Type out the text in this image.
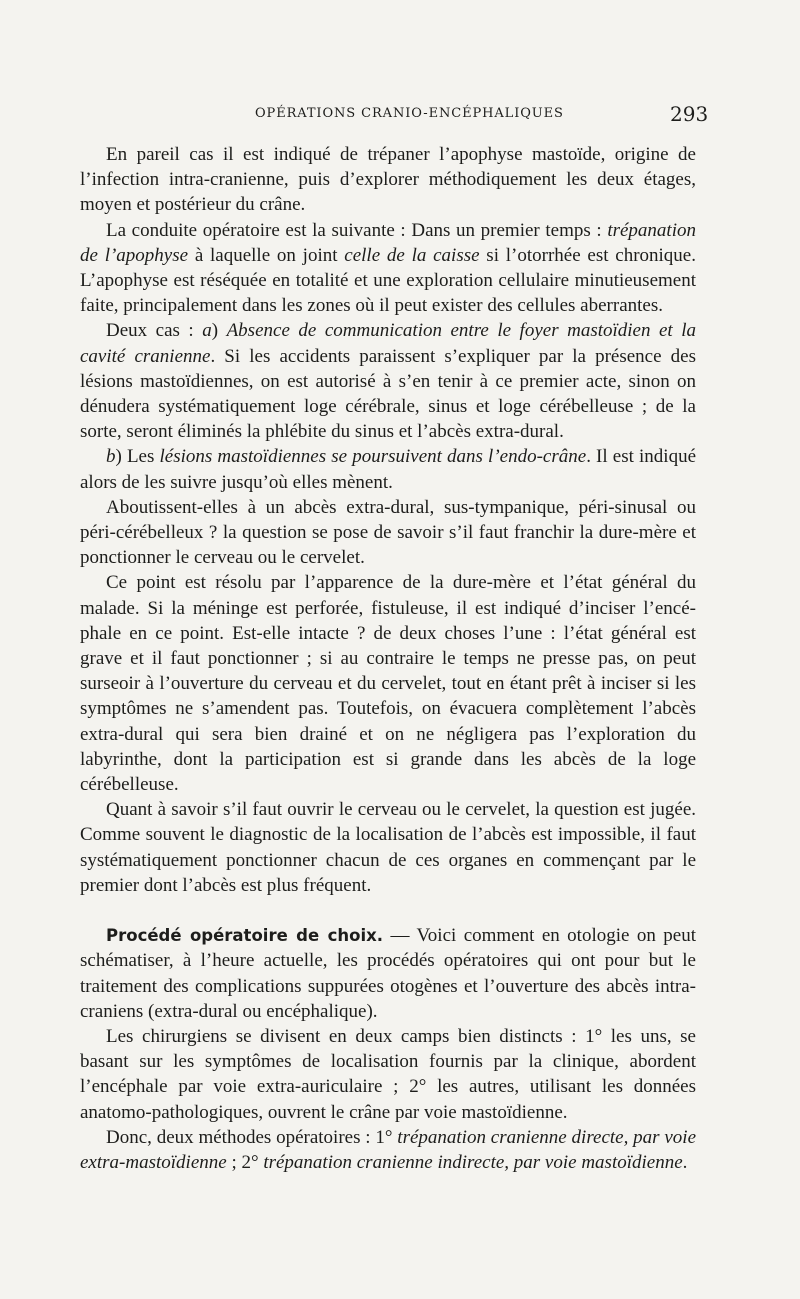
OPÉRATIONS CRANIO-ENCÉPHALIQUES	293

En pareil cas il est indiqué de trépaner l’apophyse mastoïde, origine de l’infection intra-cranienne, puis d’explorer méthodiquement les deux étages, moyen et postérieur du crâne.

La conduite opératoire est la suivante : Dans un premier temps : trépanation de l’apophyse à laquelle on joint celle de la caisse si l’otorrhée est chronique. L’apophyse est réséquée en totalité et une exploration cellulaire minutieusement faite, principalement dans les zones où il peut exister des cellules aberrantes.

Deux cas : a) Absence de communication entre le foyer mastoïdien et la cavité cranienne. Si les accidents paraissent s’expliquer par la présence des lésions mastoïdiennes, on est autorisé à s’en tenir à ce premier acte, sinon on dénudera systématiquement loge cérébrale, sinus et loge cérébelleuse ; de la sorte, seront éliminés la phlébite du sinus et l’abcès extra-dural.

b) Les lésions mastoïdiennes se poursuivent dans l’endo-crâne. Il est indiqué alors de les suivre jusqu’où elles mènent.

Aboutissent-elles à un abcès extra-dural, sus-tympanique, péri-sinusal ou péri-cérébelleux ? la question se pose de savoir s’il faut franchir la dure-mère et ponctionner le cerveau ou le cervelet.

Ce point est résolu par l’apparence de la dure-mère et l’état général du malade. Si la méninge est perforée, fistuleuse, il est indiqué d’inciser l’encéphale en ce point. Est-elle intacte ? de deux choses l’une : l’état général est grave et il faut ponctionner ; si au contraire le temps ne presse pas, on peut surseoir à l’ouverture du cerveau et du cervelet, tout en étant prêt à inciser si les symptômes ne s’amendent pas. Toutefois, on évacuera complètement l’abcès extra-dural qui sera bien drainé et on ne négligera pas l’exploration du labyrinthe, dont la participation est si grande dans les abcès de la loge cérébelleuse.

Quant à savoir s’il faut ouvrir le cerveau ou le cervelet, la question est jugée. Comme souvent le diagnostic de la localisation de l’abcès est impossible, il faut systématiquement ponctionner chacun de ces organes en commençant par le premier dont l’abcès est plus fréquent.

Procédé opératoire de choix. — Voici comment en otologie on peut schématiser, à l’heure actuelle, les procédés opératoires qui ont pour but le traitement des complications suppurées otogènes et l’ouverture des abcès intra-craniens (extra-dural ou encéphalique).

Les chirurgiens se divisent en deux camps bien distincts : 1° les uns, se basant sur les symptômes de localisation fournis par la clinique, abordent l’encéphale par voie extra-auriculaire ; 2° les autres, utilisant les données anatomo-pathologiques, ouvrent le crâne par voie mastoïdienne.

Donc, deux méthodes opératoires : 1° trépanation cranienne directe, par voie extra-mastoïdienne ; 2° trépanation cranienne indirecte, par voie mastoïdienne.
